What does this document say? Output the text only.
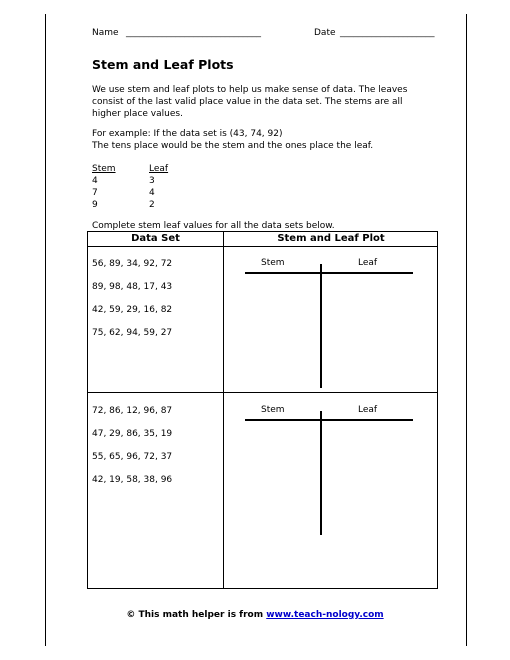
Name ______________________________	Date _____________________
Stem and Leaf Plots
We use stem and leaf plots to help us make sense of data. The leaves consist of the last valid place value in the data set. The stems are all higher place values.
For example: If the data set is (43, 74, 92)
The tens place would be the stem and the ones place the leaf.
Stem	Leaf
4	3
7	4
9	2
Complete stem leaf values for all the data sets below.
Data Set	Stem and Leaf Plot
56, 89, 34, 92, 72
89, 98, 48, 17, 43
42, 59, 29, 16, 82
75, 62, 94, 59, 27
Stem	Leaf
72, 86, 12, 96, 87
47, 29, 86, 35, 19
55, 65, 96, 72, 37
42, 19, 58, 38, 96
Stem	Leaf
© This math helper is from www.teach-nology.com
